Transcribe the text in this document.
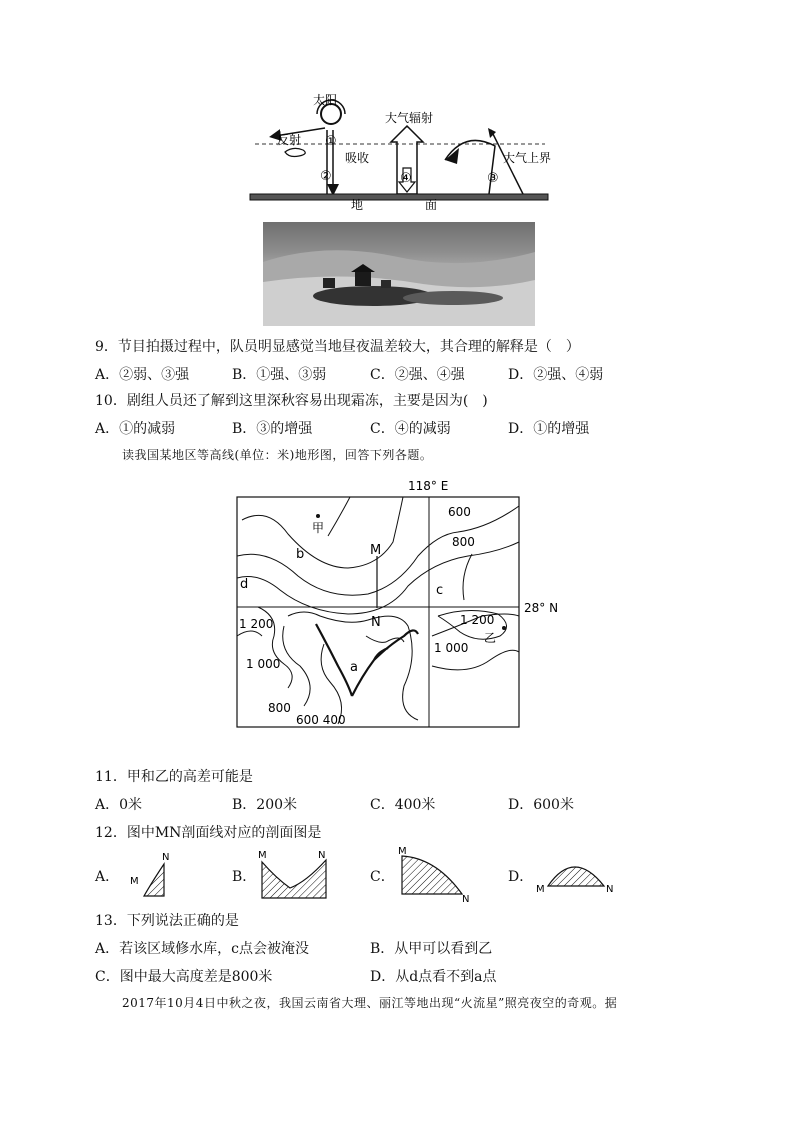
太阳
反射 ①
②
吸收
④
大气辐射
③
大气上界
地	面
9．节目拍摄过程中，队员明显感觉当地昼夜温差较大，其合理的解释是（　）
A．②弱、③强	B．①强、③弱	C．②强、④强	D．②强、④弱
10．剧组人员还了解到这里深秋容易出现霜冻，主要是因为(　)
A．①的减弱	B．③的增强	C．④的减弱	D．①的增强
读我国某地区等高线(单位：米)地形图，回答下列各题。
118° E
28° N
M
N
甲
b
d	c
a
乙
600
800
1 200
1 000
800
600 400
1 200
1 000
11．甲和乙的高差可能是
A．0米	B．200米	C．400米	D．600米
12．图中MN剖面线对应的剖面图是
A． M
N
B．
M	N
C．
M
N
D．
M	N
13．下列说法正确的是
A．若该区域修水库，c点会被淹没	B．从甲可以看到乙
C．图中最大高度差是800米	D．从d点看不到a点
2017年10月4日中秋之夜，我国云南省大理、丽江等地出现“火流星”照亮夜空的奇观。据
